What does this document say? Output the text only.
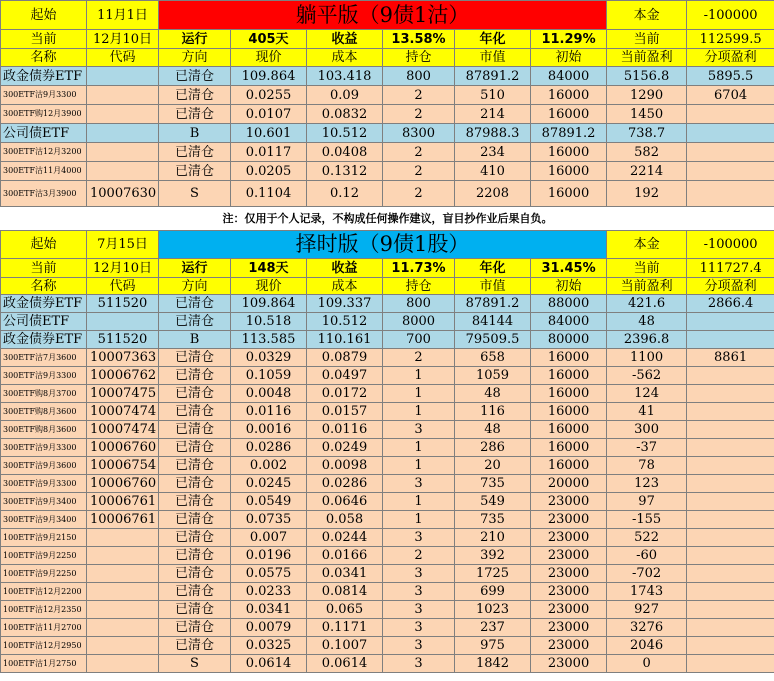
起始	11月1日	躺平版（9债1沽）						本金	-100000
当前	12月10日	运行	405天	收益	13.58%	年化	11.29%	当前	112599.5
名称	代码	方向	现价	成本	持仓	市值	初始	当前盈利	分项盈利
政金债券ETF		已清仓	109.864	103.418	800	87891.2	84000	5156.8	5895.5
300ETF沽9月3300		已清仓	0.0255	0.09	2	510	16000	1290	6704
300ETF购12月3900		已清仓	0.0107	0.0832	2	214	16000	1450	
公司债ETF		B	10.601	10.512	8300	87988.3	87891.2	738.7	
300ETF沽12月3200		已清仓	0.0117	0.0408	2	234	16000	582	
300ETF沽11月4000		已清仓	0.0205	0.1312	2	410	16000	2214	
300ETF沽3月3900	10007630	S	0.1104	0.12	2	2208	16000	192	
注：仅用于个人记录，不构成任何操作建议，盲目抄作业后果自负。									
起始	7月15日	择时版（9债1股）						本金	-100000
当前	12月10日	运行	148天	收益	11.73%	年化	31.45%	当前	111727.4
名称	代码	方向	现价	成本	持仓	市值	初始	当前盈利	分项盈利
政金债券ETF	511520	已清仓	109.864	109.337	800	87891.2	88000	421.6	2866.4
公司债ETF		已清仓	10.518	10.512	8000	84144	84000	48	
政金债券ETF	511520	B	113.585	110.161	700	79509.5	80000	2396.8	
300ETF沽7月3600	10007363	已清仓	0.0329	0.0879	2	658	16000	1100	8861
300ETF沽9月3300	10006762	已清仓	0.1059	0.0497	1	1059	16000	-562	
300ETF购8月3700	10007475	已清仓	0.0048	0.0172	1	48	16000	124	
300ETF购8月3600	10007474	已清仓	0.0116	0.0157	1	116	16000	41	
300ETF购8月3600	10007474	已清仓	0.0016	0.0116	3	48	16000	300	
300ETF沽9月3300	10006760	已清仓	0.0286	0.0249	1	286	16000	-37	
300ETF沽9月3600	10006754	已清仓	0.002	0.0098	1	20	16000	78	
300ETF沽9月3300	10006760	已清仓	0.0245	0.0286	3	735	20000	123	
300ETF沽9月3400	10006761	已清仓	0.0549	0.0646	1	549	23000	97	
300ETF沽9月3400	10006761	已清仓	0.0735	0.058	1	735	23000	-155	
100ETF沽9月2150		已清仓	0.007	0.0244	3	210	23000	522	
100ETF沽9月2250		已清仓	0.0196	0.0166	2	392	23000	-60	
100ETF沽9月2250		已清仓	0.0575	0.0341	3	1725	23000	-702	
100ETF沽12月2200		已清仓	0.0233	0.0814	3	699	23000	1743	
100ETF沽12月2350		已清仓	0.0341	0.065	3	1023	23000	927	
100ETF沽11月2700		已清仓	0.0079	0.1171	3	237	23000	3276	
100ETF沽12月2950		已清仓	0.0325	0.1007	3	975	23000	2046	
100ETF沽1月2750		S	0.0614	0.0614	3	1842	23000	0	
